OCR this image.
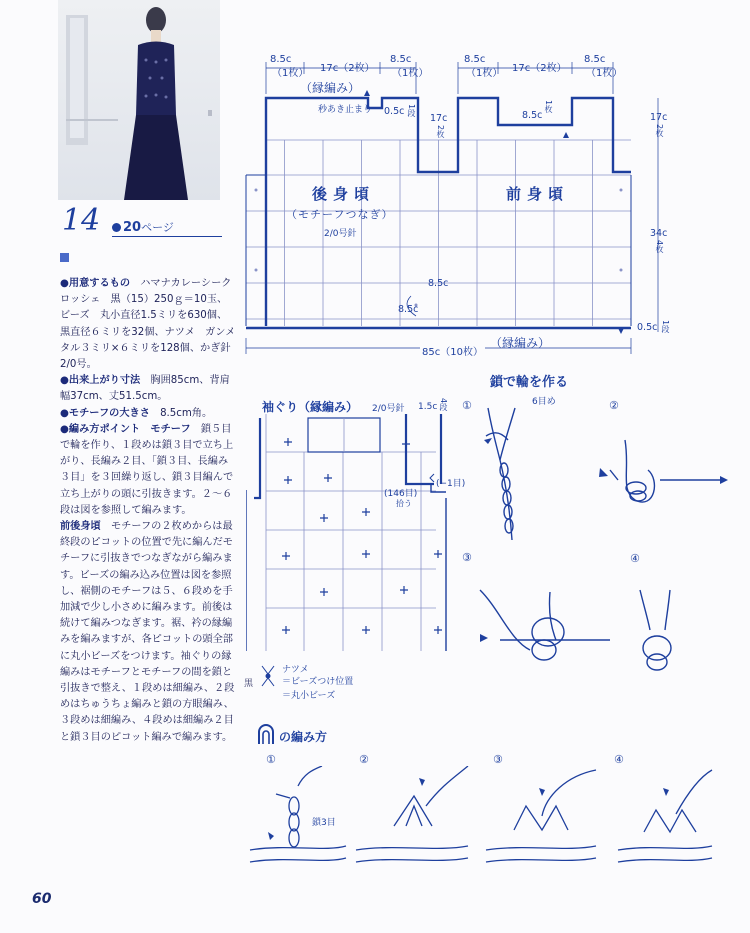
14	20ページ

●用意するもの　 ハマナカレーシークロッシェ　黒（15）250ｇ＝10玉、ビーズ　丸小直径1.5ミリを630個、黒直径６ミリを32個、ナツメ　ガンメタル３ミリ×６ミリを128個、かぎ針2/0号。

●出来上がり寸法　 胸囲85cm、背肩幅37cm、丈51.5cm。

●モチーフの大きさ　 8.5cm角。

●編み方ポイント　モチーフ　 鎖５目で輪を作り、１段めは鎖３目で立ち上がり、長編み２目、「鎖３目、長編み３目」を３回繰り返し、鎖３目編んで立ち上がりの頭に引抜きます。２〜６段は図を参照して編みます。

前後身頃　 モチーフの２枚めからは最終段のピコットの位置で先に編んだモチーフに引抜きでつなぎながら編みます。ビーズの編み込み位置は図を参照し、裾側のモチーフは５、６段めを手加減で少し小さめに編みます。前後は続けて編みつなぎます。裾、衿の縁編みを編みますが、各ピコットの頭全部に丸小ビーズをつけます。袖ぐりの縁編みはモチーフとモチーフの間を鎖と引抜きで整え、１段めは細編み、２段めはちゅうちょ編みと鎖の方眼編み、３段めは細編み、４段めは細編み２目と鎖３目のピコット編みで編みます。

8.5c
（1枚） 17c（2枚）
8.5c
（1枚）
8.5c
（1枚） 17c（2枚）
8.5c
（1枚）
（縁編み）
秒あき止まり 0.5c 1段
17c
2枚
8.5c
1枚
後身頃
（モチーフつなぎ）
2/0号針
前身頃
17c
2枚
34c
4枚
0.5c 1段
8.5c
8.5c
（縁編み）
85c（10枚）
袖ぐり（縁編み） 2/0号針 1.5c 4段
(−1目)
(146目)
拾う
黒
ナツメ
＝ビーズつけ位置
＝丸小ビーズ
鎖で輪を作る
①	②
③	④
6目め
の編み方
①	②	③	④
鎖3目
60
